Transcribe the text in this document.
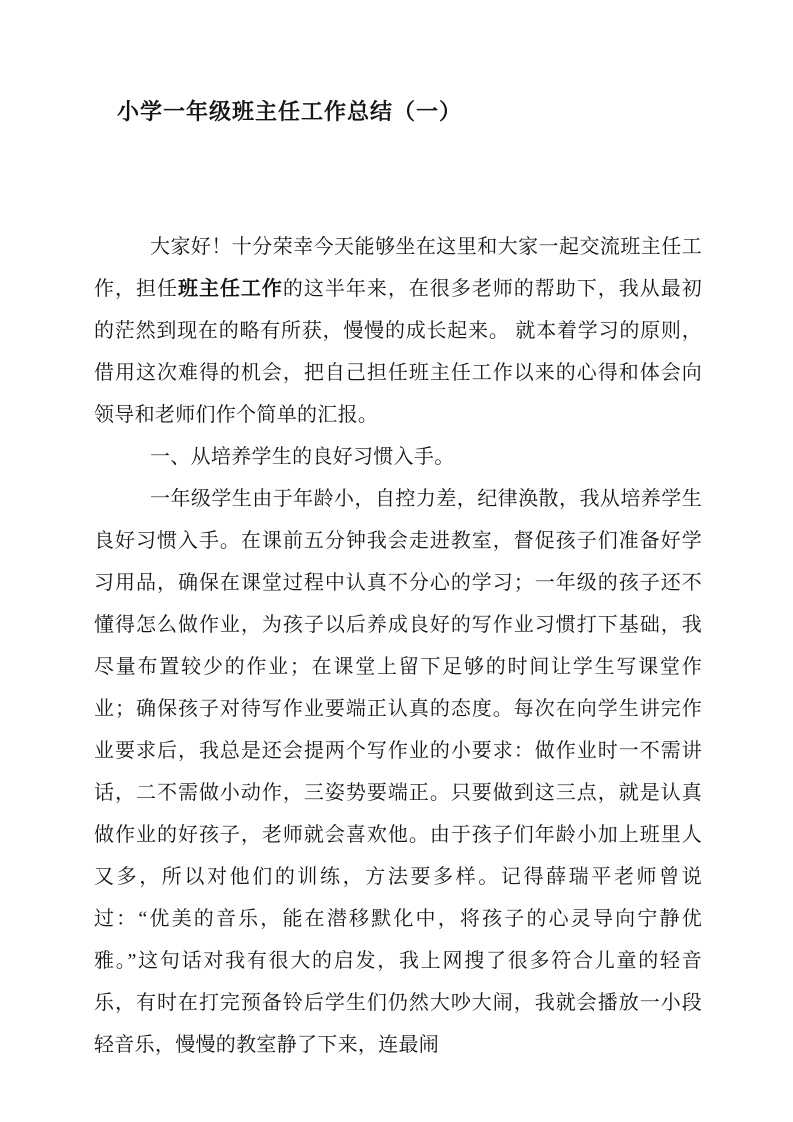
小学一年级班主任工作总结（一）

大家好！十分荣幸今天能够坐在这里和大家一起交流班主任工作，担任班主任工作的这半年来，在很多老师的帮助下，我从最初的茫然到现在的略有所获，慢慢的成长起来。 就本着学习的原则，借用这次难得的机会，把自己担任班主任工作以来的心得和体会向领导和老师们作个简单的汇报。

一、从培养学生的良好习惯入手。

一年级学生由于年龄小，自控力差，纪律涣散，我从培养学生良好习惯入手。在课前五分钟我会走进教室，督促孩子们准备好学习用品，确保在课堂过程中认真不分心的学习；一年级的孩子还不懂得怎么做作业，为孩子以后养成良好的写作业习惯打下基础，我尽量布置较少的作业；在课堂上留下足够的时间让学生写课堂作业；确保孩子对待写作业要端正认真的态度。每次在向学生讲完作业要求后，我总是还会提两个写作业的小要求：做作业时一不需讲话，二不需做小动作，三姿势要端正。只要做到这三点，就是认真做作业的好孩子，老师就会喜欢他。由于孩子们年龄小加上班里人又多，所以对他们的训练，方法要多样。记得薛瑞平老师曾说过：“优美的音乐，能在潜移默化中，将孩子的心灵导向宁静优雅。”这句话对我有很大的启发，我上网搜了很多符合儿童的轻音乐，有时在打完预备铃后学生们仍然大吵大闹，我就会播放一小段轻音乐，慢慢的教室静了下来，连最闹
